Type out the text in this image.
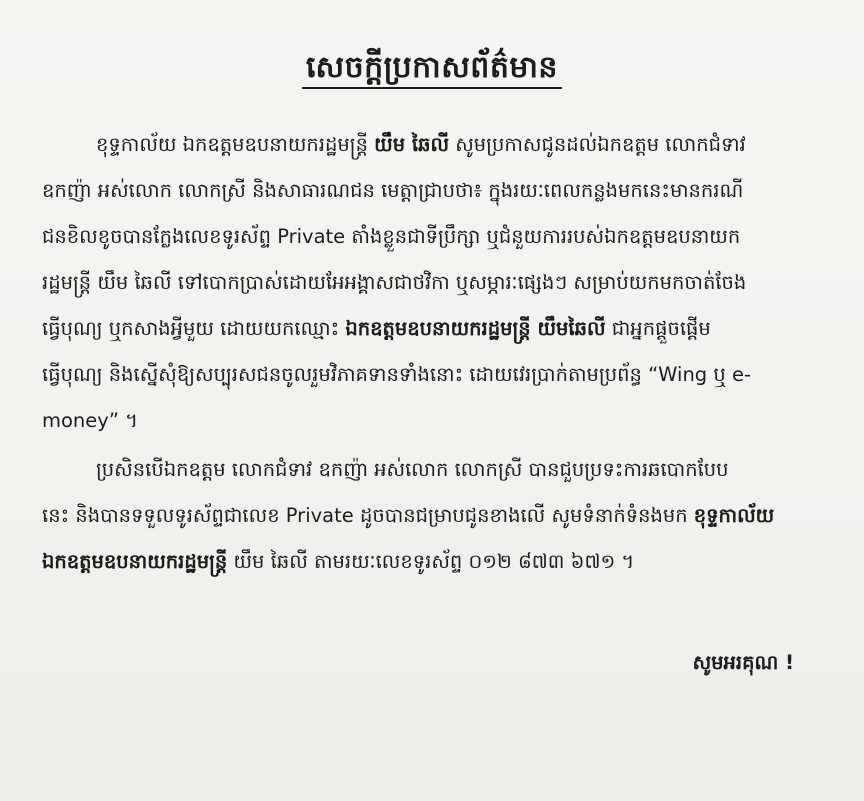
សេចក្តីប្រកាសព័ត៌មាន
ខុទ្ទកាល័យ ឯកឧត្តមឧបនាយករដ្ឋមន្ត្រី យឹម ឆៃលី សូមប្រកាសជូនដល់ឯកឧត្តម លោកជំទាវ
ឧកញ៉ា អស់លោក លោកស្រី និងសាធារណជន មេត្តាជ្រាបថា៖ ក្នុងរយៈពេលកន្លងមកនេះមានករណី
ជនខិលខូចបានក្លែងលេខទូរស័ព្ទ Private តាំងខ្លួនជាទីប្រឹក្សា ឬជំនួយការរបស់ឯកឧត្តមឧបនាយក
រដ្ឋមន្ត្រី យឹម ឆៃលី ទៅបោកប្រាស់ដោយអែអង្គាសជាថវិកា ឬសម្ភារៈផ្សេងៗ សម្រាប់យកមកចាត់ចែង
ធ្វើបុណ្យ ឬកសាងអ្វីមួយ ដោយយកឈ្មោះ ឯកឧត្តមឧបនាយករដ្ឋមន្ត្រី យឹមឆៃលី ជាអ្នកផ្តួចផ្តើម
ធ្វើបុណ្យ និងស្នើសុំឱ្យសប្បុរសជនចូលរួមវិភាគទានទាំងនោះ ដោយវេរប្រាក់តាមប្រព័ន្ធ “Wing ឬ e-
money” ។
ប្រសិនបើឯកឧត្តម លោកជំទាវ ឧកញ៉ា អស់លោក លោកស្រី បានជួបប្រទះការឆបោកបែប
នេះ និងបានទទួលទូរស័ព្ទជាលេខ Private ដូចបានជម្រាបជូនខាងលើ សូមទំនាក់ទំនងមក ខុទ្ទកាល័យ
ឯកឧត្តមឧបនាយករដ្ឋមន្ត្រី យឹម ឆៃលី តាមរយៈលេខទូរស័ព្ទ ០១២ ៨៧៣ ៦៧១ ។
សូមអរគុណ !
